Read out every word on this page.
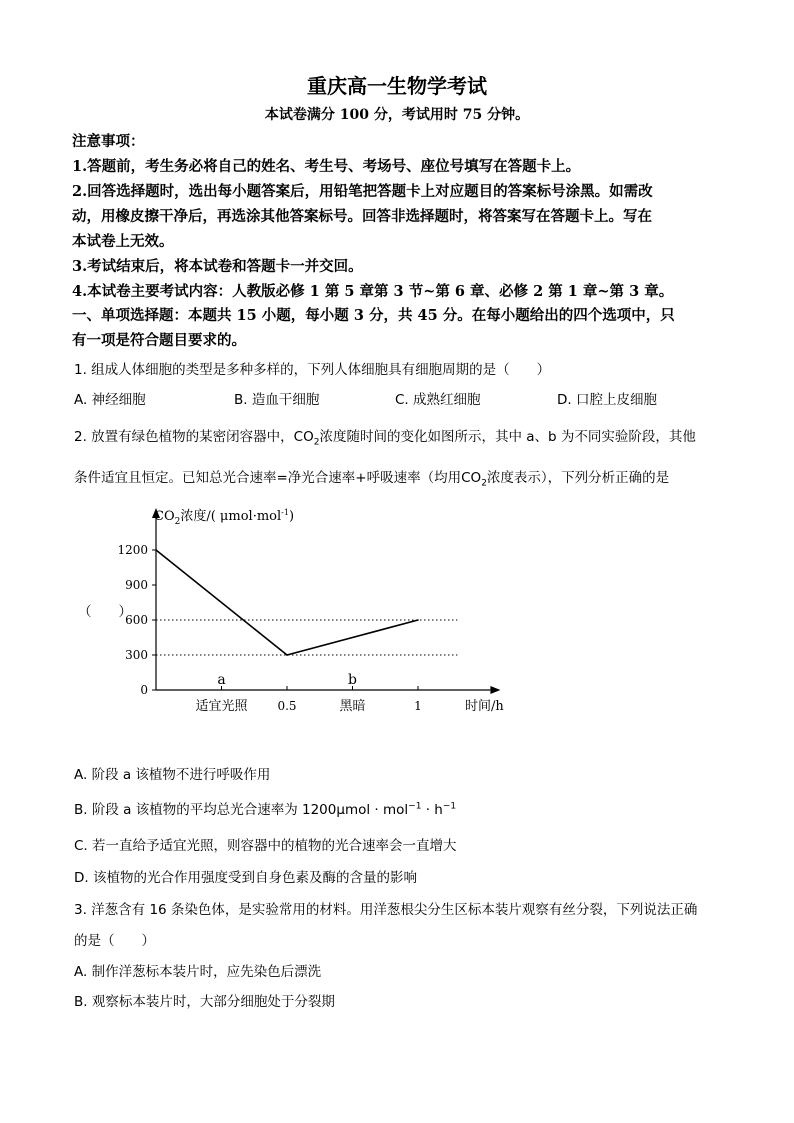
重庆高一生物学考试
本试卷满分 100 分，考试用时 75 分钟。
注意事项：
1.答题前，考生务必将自己的姓名、考生号、考场号、座位号填写在答题卡上。
2.回答选择题时，选出每小题答案后，用铅笔把答题卡上对应题目的答案标号涂黑。如需改
动，用橡皮擦干净后，再选涂其他答案标号。回答非选择题时，将答案写在答题卡上。写在
本试卷上无效。
3.考试结束后，将本试卷和答题卡一并交回。
4.本试卷主要考试内容：人教版必修 1 第 5 章第 3 节~第 6 章、必修 2 第 1 章~第 3 章。
一、单项选择题：本题共 15 小题，每小题 3 分，共 45 分。在每小题给出的四个选项中，只
有一项是符合题目要求的。
1. 组成人体细胞的类型是多种多样的，下列人体细胞具有细胞周期的是（　　）
A. 神经细胞	B. 造血干细胞	C. 成熟红细胞	D. 口腔上皮细胞
2. 放置有绿色植物的某密闭容器中，$CO_2$浓度随时间的变化如图所示，其中 a、b 为不同实验阶段，其他
条件适宜且恒定。已知总光合速率=净光合速率+呼吸速率（均用$CO_2$浓度表示），下列分析正确的是
（　　）
$CO_2$浓度/( μmol·mol$^{-1}$)
0
300
600
900
1200
0.5	1	时间/h
a
适宜光照
b
黑暗
A. 阶段 a 该植物不进行呼吸作用
B. 阶段 a 该植物的平均总光合速率为 $1200\mu mol \cdot mol^{-1} \cdot h^{-1}$
C. 若一直给予适宜光照，则容器中的植物的光合速率会一直增大
D. 该植物的光合作用强度受到自身色素及酶的含量的影响
3. 洋葱含有 16 条染色体，是实验常用的材料。用洋葱根尖分生区标本装片观察有丝分裂，下列说法正确
的是（　　）
A. 制作洋葱标本装片时，应先染色后漂洗
B. 观察标本装片时，大部分细胞处于分裂期
